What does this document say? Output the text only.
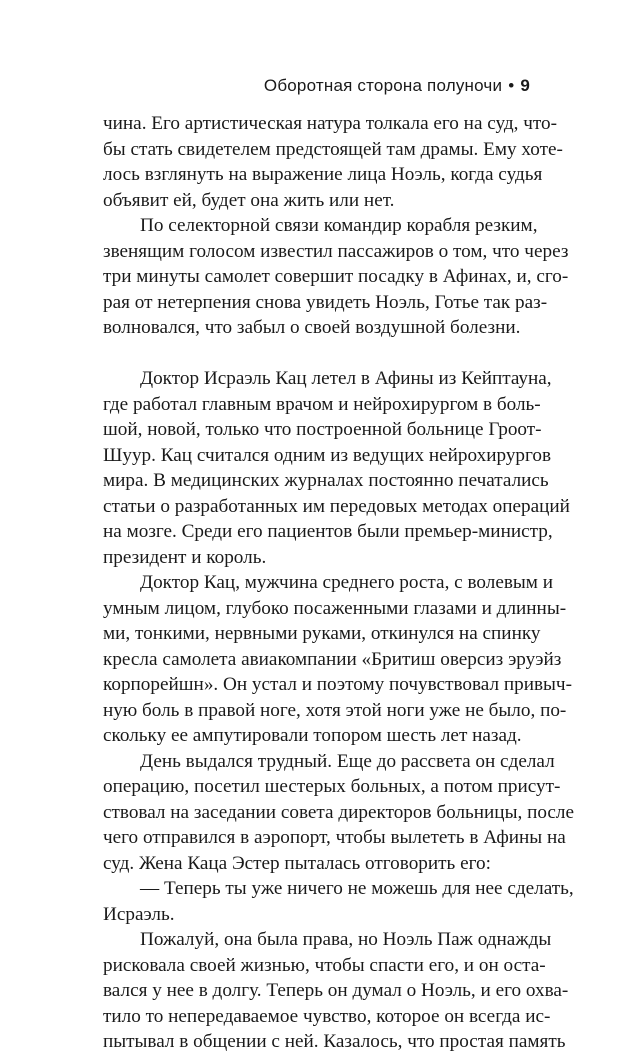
Оборотная сторона полуночи • 9
чина. Его артистическая натура толкала его на суд, что-
бы стать свидетелем предстоящей там драмы. Ему хоте-
лось взглянуть на выражение лица Ноэль, когда судья
объявит ей, будет она жить или нет.
По селекторной связи командир корабля резким,
звенящим голосом известил пассажиров о том, что через
три минуты самолет совершит посадку в Афинах, и, сго-
рая от нетерпения снова увидеть Ноэль, Готье так раз-
волновался, что забыл о своей воздушной болезни.
Доктор Исраэль Кац летел в Афины из Кейптауна,
где работал главным врачом и нейрохирургом в боль-
шой, новой, только что построенной больнице Гроот-
Шуур. Кац считался одним из ведущих нейрохирургов
мира. В медицинских журналах постоянно печатались
статьи о разработанных им передовых методах операций
на мозге. Среди его пациентов были премьер-министр,
президент и король.
Доктор Кац, мужчина среднего роста, с волевым и
умным лицом, глубоко посаженными глазами и длинны-
ми, тонкими, нервными руками, откинулся на спинку
кресла самолета авиакомпании «Бритиш оверсиз эруэйз
корпорейшн». Он устал и поэтому почувствовал привыч-
ную боль в правой ноге, хотя этой ноги уже не было, по-
скольку ее ампутировали топором шесть лет назад.
День выдался трудный. Еще до рассвета он сделал
операцию, посетил шестерых больных, а потом присут-
ствовал на заседании совета директоров больницы, после
чего отправился в аэропорт, чтобы вылететь в Афины на
суд. Жена Каца Эстер пыталась отговорить его:
— Теперь ты уже ничего не можешь для нее сделать,
Исраэль.
Пожалуй, она была права, но Ноэль Паж однажды
рисковала своей жизнью, чтобы спасти его, и он оста-
вался у нее в долгу. Теперь он думал о Ноэль, и его охва-
тило то непередаваемое чувство, которое он всегда ис-
пытывал в общении с ней. Казалось, что простая память
